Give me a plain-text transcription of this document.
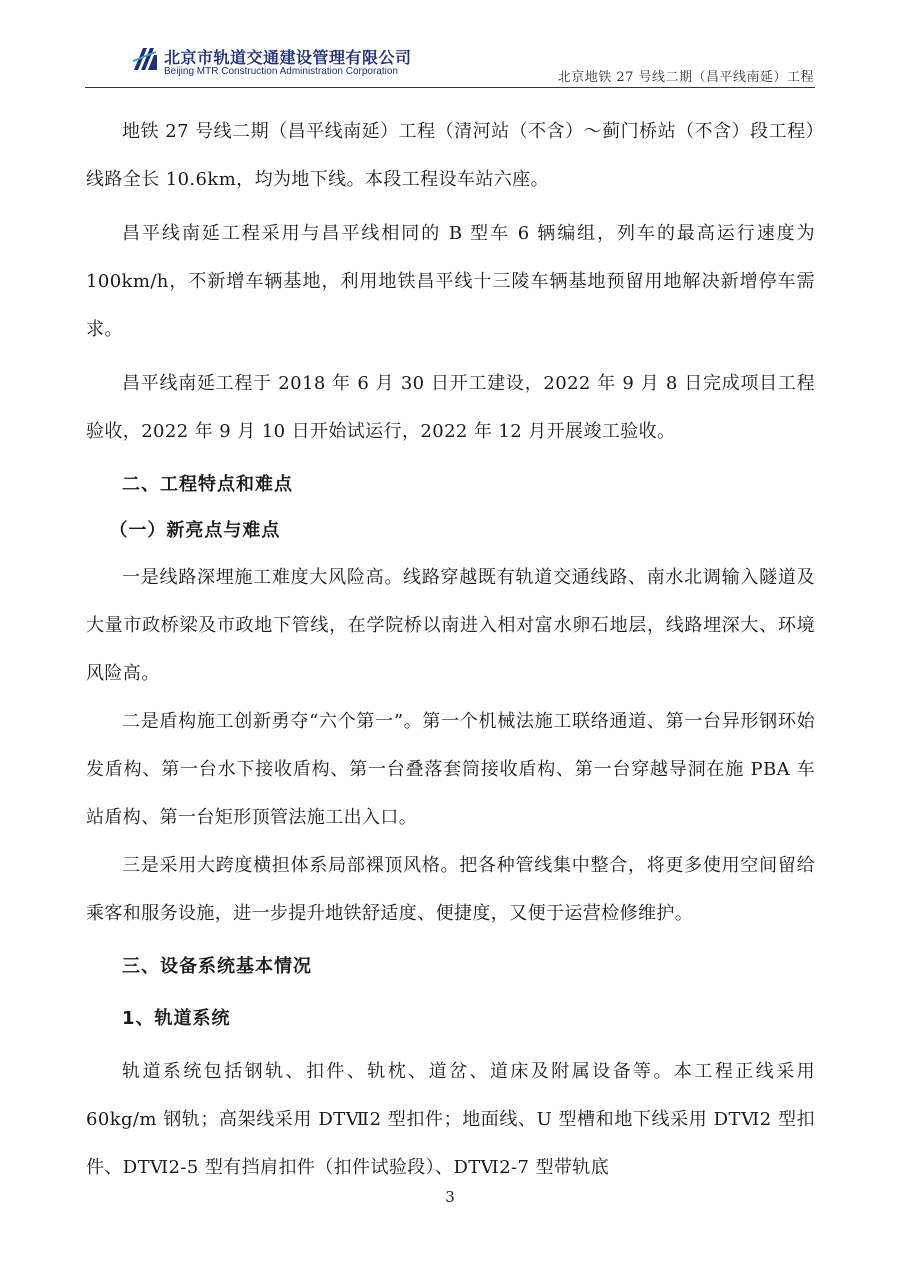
北京市轨道交通建设管理有限公司
Beijing MTR Construction Administration Corporation	北京地铁 27 号线二期（昌平线南延）工程

地铁 27 号线二期（昌平线南延）工程（清河站（不含）～蓟门桥站（不含）段工程）线路全长 10.6km，均为地下线。本段工程设车站六座。

昌平线南延工程采用与昌平线相同的 B 型车 6 辆编组，列车的最高运行速度为 100km/h，不新增车辆基地，利用地铁昌平线十三陵车辆基地预留用地解决新增停车需求。

昌平线南延工程于 2018 年 6 月 30 日开工建设，2022 年 9 月 8 日完成项目工程验收，2022 年 9 月 10 日开始试运行，2022 年 12 月开展竣工验收。

二、工程特点和难点

（一）新亮点与难点

一是线路深埋施工难度大风险高。线路穿越既有轨道交通线路、南水北调输入隧道及大量市政桥梁及市政地下管线，在学院桥以南进入相对富水卵石地层，线路埋深大、环境风险高。

二是盾构施工创新勇夺“六个第一”。第一个机械法施工联络通道、第一台异形钢环始发盾构、第一台水下接收盾构、第一台叠落套筒接收盾构、第一台穿越导洞在施 PBA 车站盾构、第一台矩形顶管法施工出入口。

三是采用大跨度横担体系局部裸顶风格。把各种管线集中整合，将更多使用空间留给乘客和服务设施，进一步提升地铁舒适度、便捷度，又便于运营检修维护。

三、设备系统基本情况

1、轨道系统

轨道系统包括钢轨、扣件、轨枕、道岔、道床及附属设备等。本工程正线采用 60kg/m 钢轨；高架线采用 DTⅦ2 型扣件；地面线、U 型槽和地下线采用 DTⅥ2 型扣件、DTⅥ2-5 型有挡肩扣件（扣件试验段）、DTⅥ2-7 型带轨底

3
